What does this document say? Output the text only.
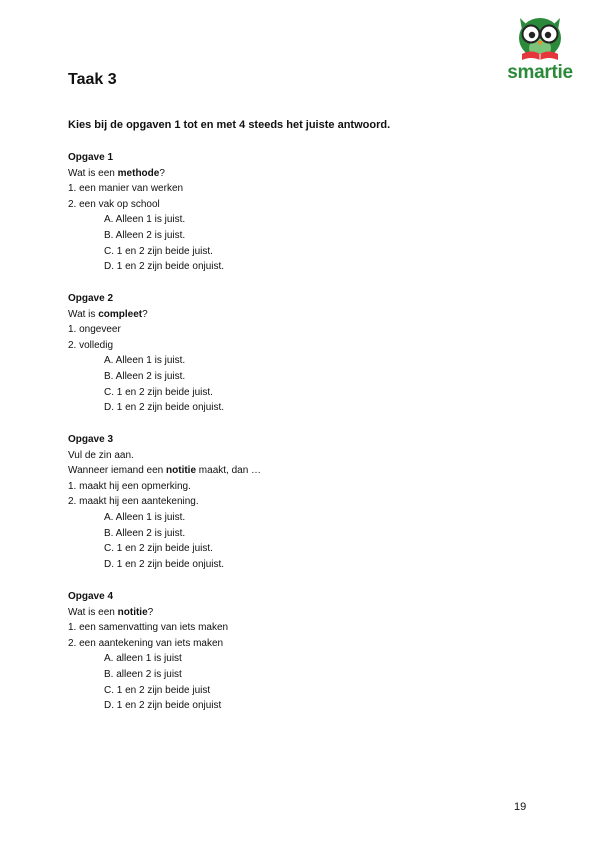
smartie
Taak 3
Kies bij de opgaven 1 tot en met 4 steeds het juiste antwoord.
Opgave 1
Wat is een methode?
1. een manier van werken
2. een vak op school
A. Alleen 1 is juist.
B. Alleen 2 is juist.
C. 1 en 2 zijn beide juist.
D. 1 en 2 zijn beide onjuist.
Opgave 2
Wat is compleet?
1. ongeveer
2. volledig
A. Alleen 1 is juist.
B. Alleen 2 is juist.
C. 1 en 2 zijn beide juist.
D. 1 en 2 zijn beide onjuist.
Opgave 3
Vul de zin aan.
Wanneer iemand een notitie maakt, dan …
1. maakt hij een opmerking.
2. maakt hij een aantekening.
A. Alleen 1 is juist.
B. Alleen 2 is juist.
C. 1 en 2 zijn beide juist.
D. 1 en 2 zijn beide onjuist.
Opgave 4
Wat is een notitie?
1. een samenvatting van iets maken
2. een aantekening van iets maken
A. alleen 1 is juist
B. alleen 2 is juist
C. 1 en 2 zijn beide juist
D. 1 en 2 zijn beide onjuist
19
